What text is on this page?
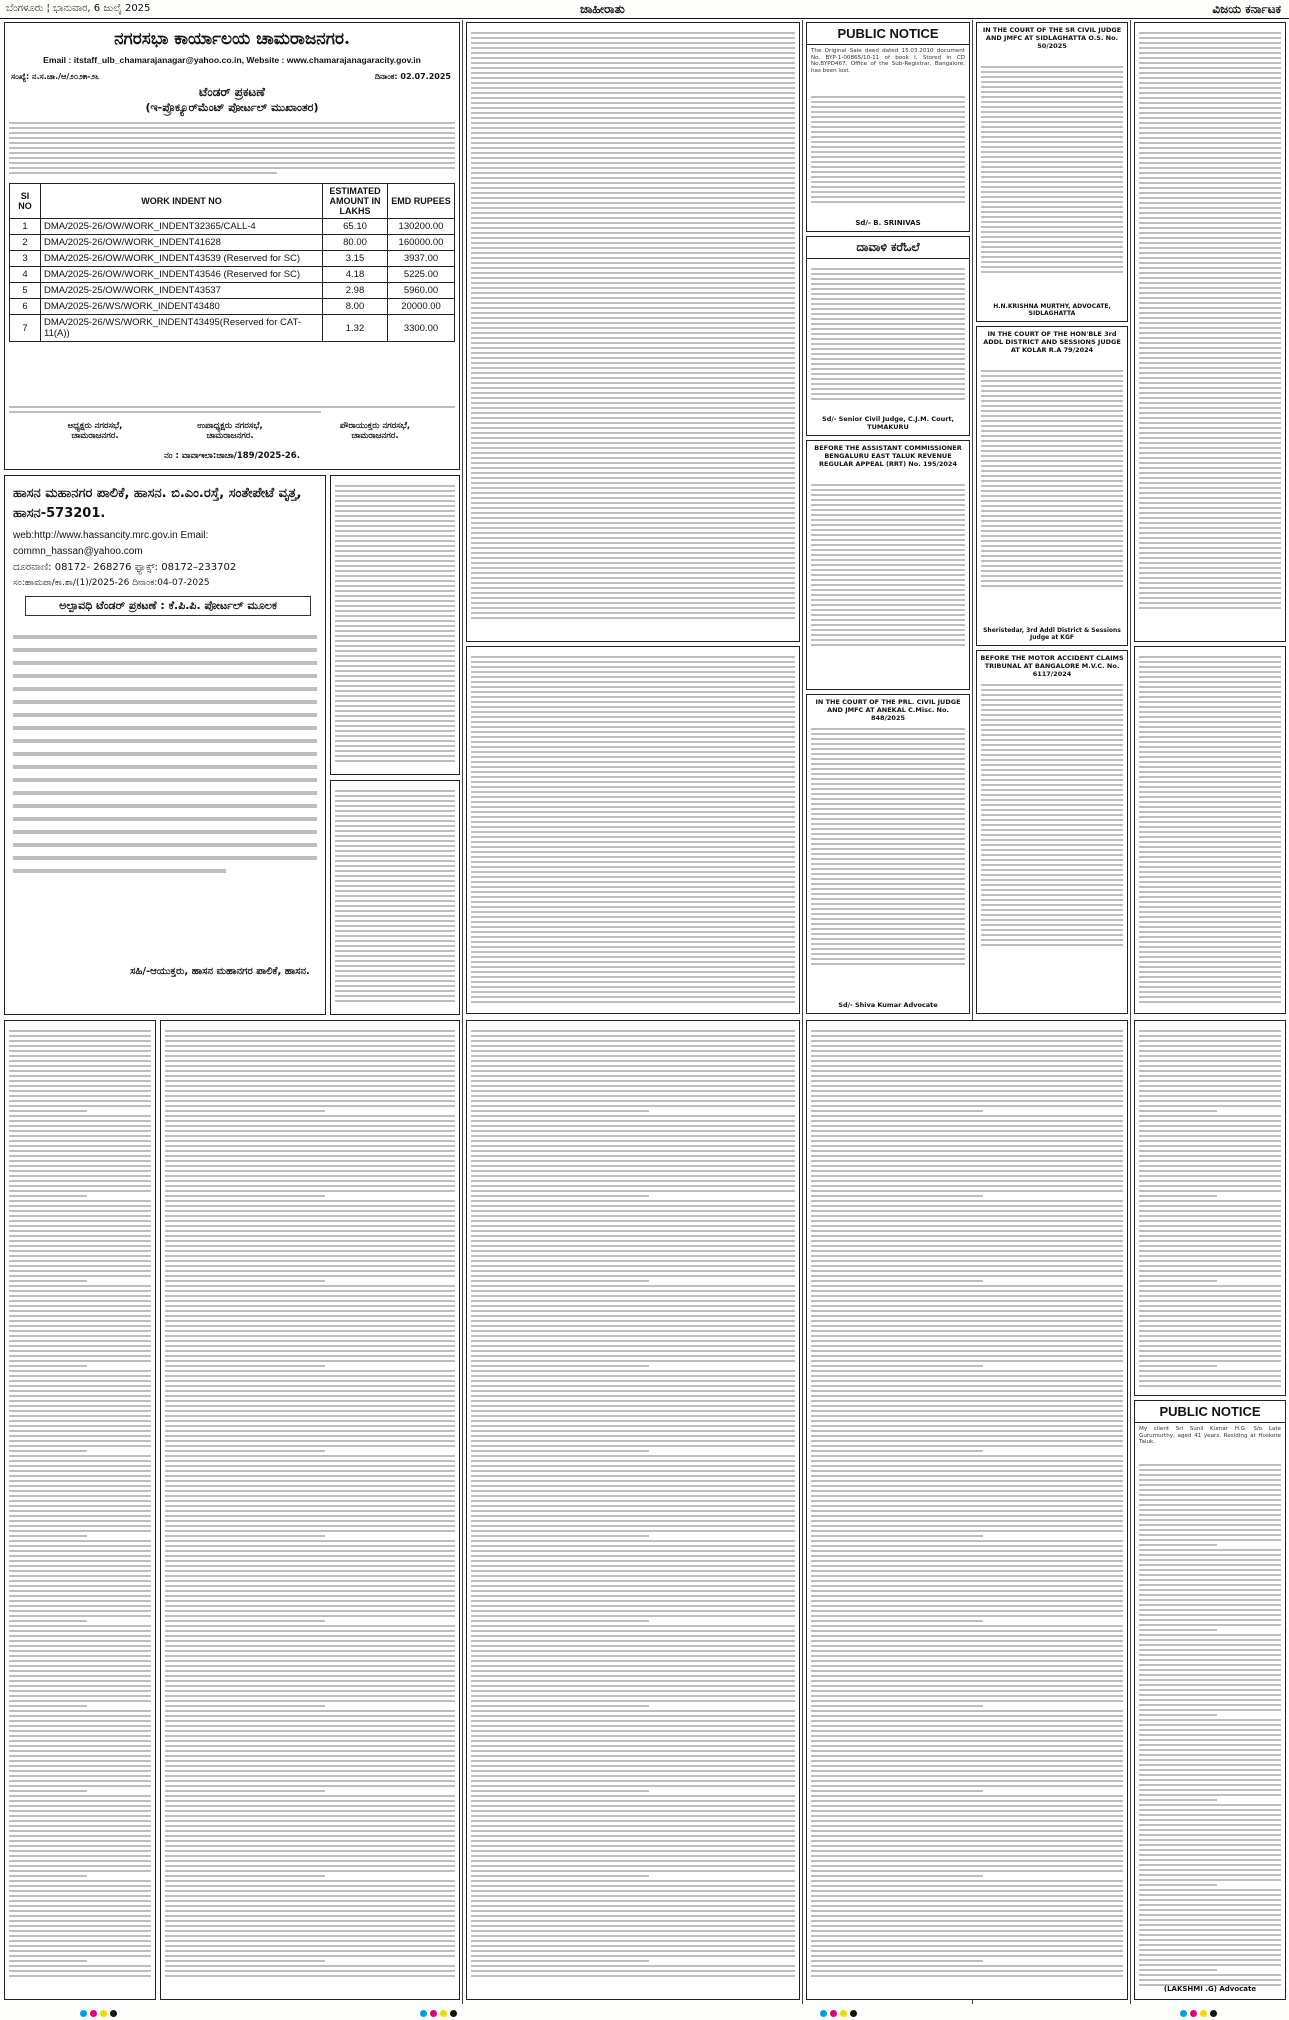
ಬೆಂಗಳೂರು ¦ ಭಾನುವಾರ, 6 ಜುಲೈ 2025	ಜಾಹೀರಾತು	ವಿಜಯ ಕರ್ನಾಟಕ
ನಗರಸಭಾ ಕಾರ್ಯಾಲಯ ಚಾಮರಾಜನಗರ.
Email : itstaff_ulb_chamarajanagar@yahoo.co.in, Website : www.chamarajanagaracity.gov.in
ಸಂಖ್ಯೆ: ನ.ಸ.ಚಾ./ಆ/೨೦೨೫-೨೬	ದಿನಾಂಕ: 02.07.2025
ಟೆಂಡರ್ ಪ್ರಕಟಣೆ
(ಇ-ಪ್ರೊಕ್ಯೂರ್‌ಮೆಂಟ್ ಪೋರ್ಟಲ್ ಮುಖಾಂತರ)
SI NO	WORK INDENT NO	ESTIMATED AMOUNT IN LAKHS	EMD RUPEES
1	DMA/2025-26/OW/WORK_INDENT32365/CALL-4	65.10	130200.00
2	DMA/2025-26/OW/WORK_INDENT41628	80.00	160000.00
3	DMA/2025-26/OW/WORK_INDENT43539 (Reserved for SC)	3.15	3937.00
4	DMA/2025-26/OW/WORK_INDENT43546 (Reserved for SC)	4.18	5225.00
5	DMA/2025-25/OW/WORK_INDENT43537	2.98	5960.00
6	DMA/2025-26/WS/WORK_INDENT43480	8.00	20000.00
7	DMA/2025-26/WS/WORK_INDENT43495(Reserved for CAT-11(A))	1.32	3300.00
ಅಧ್ಯಕ್ಷರು ನಗರಸಭೆ, ಚಾಮರಾಜನಗರ.
ಉಪಾಧ್ಯಕ್ಷರು ನಗರಸಭೆ, ಚಾಮರಾಜನಗರ.
ಪೌರಾಯುಕ್ತರು ನಗರಸಭೆ, ಚಾಮರಾಜನಗರ.
ನಂ : ವಾವಾಇಲಾ:ಜಾಚಾ/189/2025-26.
ಹಾಸನ ಮಹಾನಗರ ಪಾಲಿಕೆ, ಹಾಸನ. ಬಿ.ಎಂ.ರಸ್ತೆ, ಸಂತೇಪೇಟೆ ವೃತ್ತ, ಹಾಸನ-573201.
web:http://www.hassancity.mrc.gov.in Email: commn_hassan@yahoo.com
ದೂರವಾಣಿ: 08172- 268276 ಫ್ಯಾಕ್ಸ್: 08172–233702
ಸಂ:ಹಾಮಪಾ/ಕಾ.ಶಾ/(1)/2025-26 ದಿನಾಂಕ:04-07-2025
ಅಲ್ಪಾವಧಿ ಟೆಂಡರ್ ಪ್ರಕಟಣೆ : ಕೆ.ಪಿ.ಪಿ. ಪೋರ್ಟಲ್ ಮೂಲಕ
ಸಹಿ/-ಆಯುಕ್ತರು, ಹಾಸನ ಮಹಾನಗರ ಪಾಲಿಕೆ, ಹಾಸನ.
PUBLIC NOTICE
The Original Sale deed dated 15.03.2010 document No. BYP-1-00865/10-11 of book I, Stored in CD No.BYPD467, Office of the Sub-Registrar, Bangalore, has been lost.
Sd/- B. SRINIVAS
ದಾವಾಳಿ ಕರೆಓಲೆ
Sd/- Senior Civil Judge, C.J.M. Court, TUMAKURU
BEFORE THE ASSISTANT COMMISSIONER BENGALURU EAST TALUK REVENUE REGULAR APPEAL (RRT) No. 195/2024
IN THE COURT OF THE PRL. CIVIL JUDGE AND JMFC AT ANEKAL C.Misc. No. 848/2025
Sd/- Shiva Kumar Advocate
IN THE COURT OF THE SR CIVIL JUDGE AND JMFC AT SIDLAGHATTA O.S. No. 50/2025
H.N.KRISHNA MURTHY, ADVOCATE, SIDLAGHATTA
IN THE COURT OF THE HON'BLE 3rd ADDL DISTRICT AND SESSIONS JUDGE AT KOLAR R.A 79/2024
Sheristedar, 3rd Addl District & Sessions Judge at KGF
BEFORE THE MOTOR ACCIDENT CLAIMS TRIBUNAL AT BANGALORE M.V.C. No. 6117/2024
PUBLIC NOTICE
My client Sri Sunil Kumar H.G. S/o Late Gurumurthy, aged 41 years, Residing at Hoskote Taluk.
(LAKSHMI .G) Advocate
